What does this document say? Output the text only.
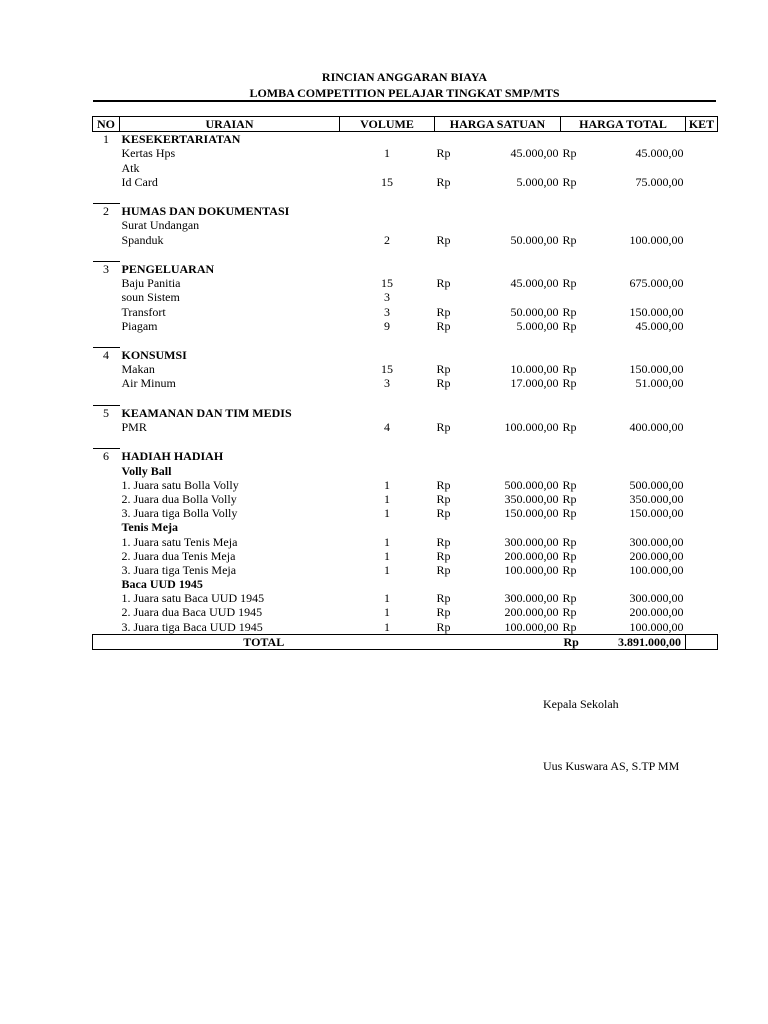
RINCIAN ANGGARAN BIAYA
LOMBA COMPETITION PELAJAR TINGKAT SMP/MTS
NO	URAIAN	VOLUME	HARGA SATUAN		HARGA TOTAL		KET
1	KESEKERTARIATAN						
	Kertas Hps	1	Rp	45.000,00	Rp	45.000,00	
	Atk						
	Id Card	15	Rp	5.000,00	Rp	75.000,00	

2	HUMAS DAN DOKUMENTASI						
	Surat Undangan						
	Spanduk	2	Rp	50.000,00	Rp	100.000,00	

3	PENGELUARAN						
	Baju Panitia	15	Rp	45.000,00	Rp	675.000,00	
	soun Sistem	3					
	Transfort	3	Rp	50.000,00	Rp	150.000,00	
	Piagam	9	Rp	5.000,00	Rp	45.000,00	

4	KONSUMSI						
	Makan	15	Rp	10.000,00	Rp	150.000,00	
	Air Minum	3	Rp	17.000,00	Rp	51.000,00	

5	KEAMANAN DAN TIM MEDIS						
	PMR	4	Rp	100.000,00	Rp	400.000,00	

6	HADIAH HADIAH						
	Volly Ball						
	1. Juara satu Bolla Volly	1	Rp	500.000,00	Rp	500.000,00	
	2. Juara dua Bolla Volly	1	Rp	350.000,00	Rp	350.000,00	
	3. Juara tiga Bolla Volly	1	Rp	150.000,00	Rp	150.000,00	
	Tenis Meja						
	1. Juara satu Tenis Meja	1	Rp	300.000,00	Rp	300.000,00	
	2. Juara dua Tenis Meja	1	Rp	200.000,00	Rp	200.000,00	
	3. Juara tiga Tenis Meja	1	Rp	100.000,00	Rp	100.000,00	
	Baca UUD 1945						
	1. Juara satu Baca UUD 1945	1	Rp	300.000,00	Rp	300.000,00	
	2. Juara dua Baca UUD 1945	1	Rp	200.000,00	Rp	200.000,00	
	3. Juara tiga Baca UUD 1945	1	Rp	100.000,00	Rp	100.000,00	
TOTAL					Rp	3.891.000,00	
Kepala Sekolah
Uus Kuswara AS, S.TP MM
